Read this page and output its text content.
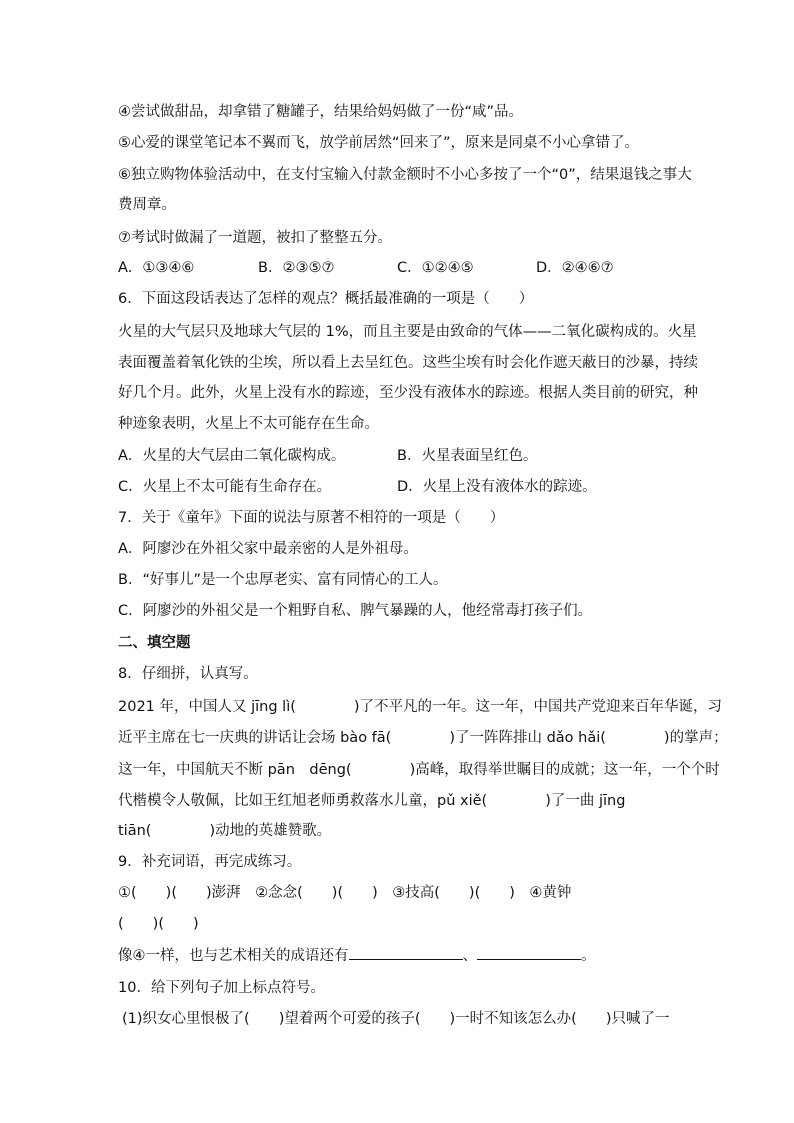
④尝试做甜品，却拿错了糖罐子，结果给妈妈做了一份“咸”品。
⑤心爱的课堂笔记本不翼而飞，放学前居然“回来了”，原来是同桌不小心拿错了。
⑥独立购物体验活动中，在支付宝输入付款金额时不小心多按了一个“0”，结果退钱之事大
费周章。
⑦考试时做漏了一道题，被扣了整整五分。
A．①③④⑥	B．②③⑤⑦	C．①②④⑤	D．②④⑥⑦
6．下面这段话表达了怎样的观点？概括最准确的一项是（　　）
火星的大气层只及地球大气层的 1%，而且主要是由致命的气体——二氧化碳构成的。火星
表面覆盖着氧化铁的尘埃，所以看上去呈红色。这些尘埃有时会化作遮天蔽日的沙暴，持续
好几个月。此外，火星上没有水的踪迹，至少没有液体水的踪迹。根据人类目前的研究，种
种迹象表明，火星上不太可能存在生命。
A．火星的大气层由二氧化碳构成。	B．火星表面呈红色。
C．火星上不太可能有生命存在。	D．火星上没有液体水的踪迹。
7．关于《童年》下面的说法与原著不相符的一项是（　　）
A．阿廖沙在外祖父家中最亲密的人是外祖母。
B．“好事儿”是一个忠厚老实、富有同情心的工人。
C．阿廖沙的外祖父是一个粗野自私、脾气暴躁的人，他经常毒打孩子们。
二、填空题
8．仔细拼，认真写。
2021 年，中国人又 jīng lì(　　　　)了不平凡的一年。这一年，中国共产党迎来百年华诞，习
近平主席在七一庆典的讲话让会场 bào fā(　　　　)了一阵阵排山 dǎo hǎi(　　　　)的掌声；
这一年，中国航天不断 pān　dēng(　　　　)高峰，取得举世瞩目的成就；这一年，一个个时
代楷模令人敬佩，比如王红旭老师勇救落水儿童，pǔ xiě(　　　　)了一曲 jīng
tiān(　　　　)动地的英雄赞歌。
9．补充词语，再完成练习。
①(　　)(　　)澎湃　②念念(　　)(　　)　③技高(　　)(　　)　④黄钟
(　　)(　　)
像④一样，也与艺术相关的成语还有	、	。
10．给下列句子加上标点符号。
(1)织女心里恨极了(　　)望着两个可爱的孩子(　　)一时不知该怎么办(　　)只喊了一
